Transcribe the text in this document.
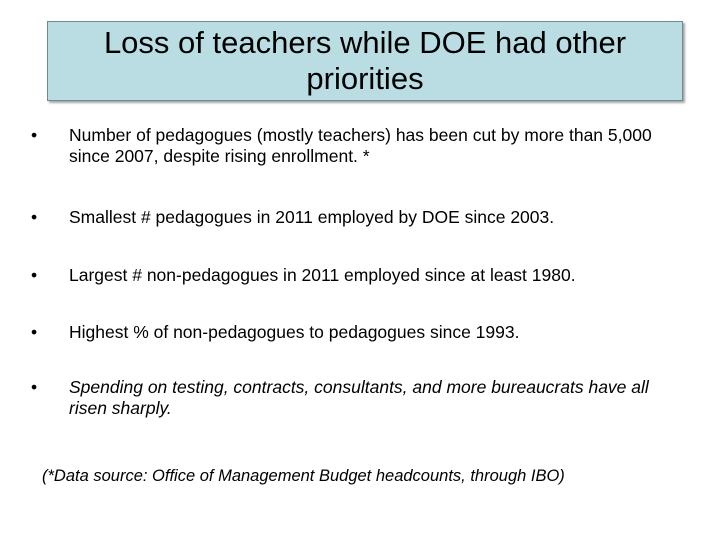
Loss of teachers while DOE had other priorities
•	Number of pedagogues (mostly teachers) has been cut by more than 5,000 since 2007, despite rising enrollment. *
•	Smallest # pedagogues in 2011 employed by DOE since 2003.
•	Largest # non-pedagogues in 2011 employed since at least 1980.
•	Highest % of non-pedagogues to pedagogues since 1993.
•	Spending on testing, contracts, consultants, and more bureaucrats have all risen sharply.
(*Data source: Office of Management Budget headcounts, through IBO)
